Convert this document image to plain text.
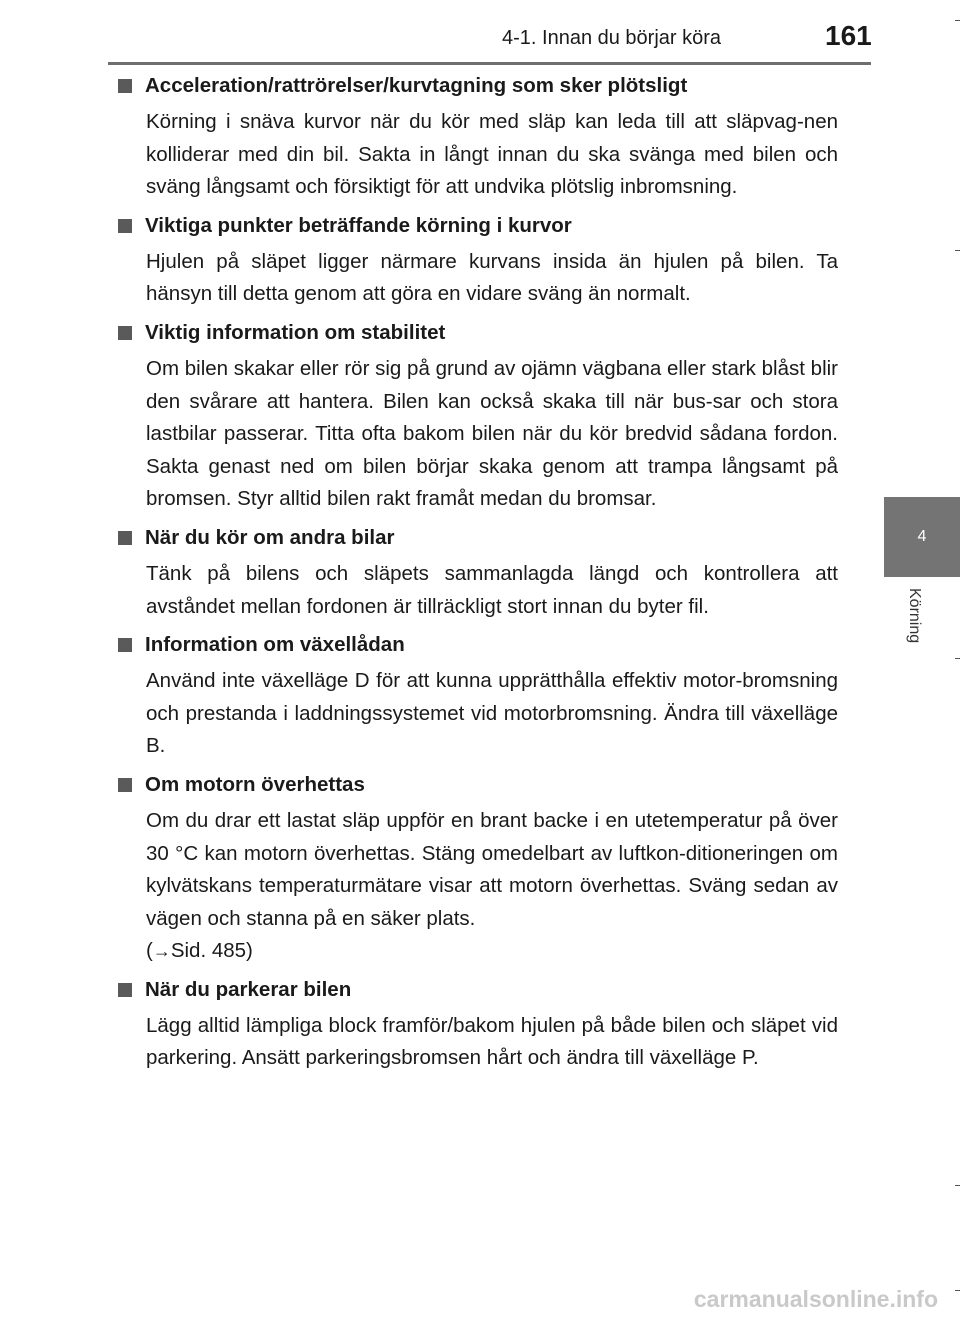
4-1. Innan du börjar köra	161
4
Körning
Acceleration/rattrörelser/kurvtagning som sker plötsligt

Körning i snäva kurvor när du kör med släp kan leda till att släpvag-nen kolliderar med din bil. Sakta in långt innan du ska svänga med bilen och sväng långsamt och försiktigt för att undvika plötslig inbromsning.

Viktiga punkter beträffande körning i kurvor

Hjulen på släpet ligger närmare kurvans insida än hjulen på bilen. Ta hänsyn till detta genom att göra en vidare sväng än normalt.

Viktig information om stabilitet

Om bilen skakar eller rör sig på grund av ojämn vägbana eller stark blåst blir den svårare att hantera. Bilen kan också skaka till när bus-sar och stora lastbilar passerar. Titta ofta bakom bilen när du kör bredvid sådana fordon. Sakta genast ned om bilen börjar skaka genom att trampa långsamt på bromsen. Styr alltid bilen rakt framåt medan du bromsar.

När du kör om andra bilar

Tänk på bilens och släpets sammanlagda längd och kontrollera att avståndet mellan fordonen är tillräckligt stort innan du byter fil.

Information om växellådan

Använd inte växelläge D för att kunna upprätthålla effektiv motor-bromsning och prestanda i laddningssystemet vid motorbromsning. Ändra till växelläge B.

Om motorn överhettas

Om du drar ett lastat släp uppför en brant backe i en utetemperatur på över 30 °C kan motorn överhettas. Stäng omedelbart av luftkon-ditioneringen om kylvätskans temperaturmätare visar att motorn överhettas. Sväng sedan av vägen och stanna på en säker plats.
(→Sid. 485)

När du parkerar bilen

Lägg alltid lämpliga block framför/bakom hjulen på både bilen och släpet vid parkering. Ansätt parkeringsbromsen hårt och ändra till växelläge P.

carmanualsonline.info
